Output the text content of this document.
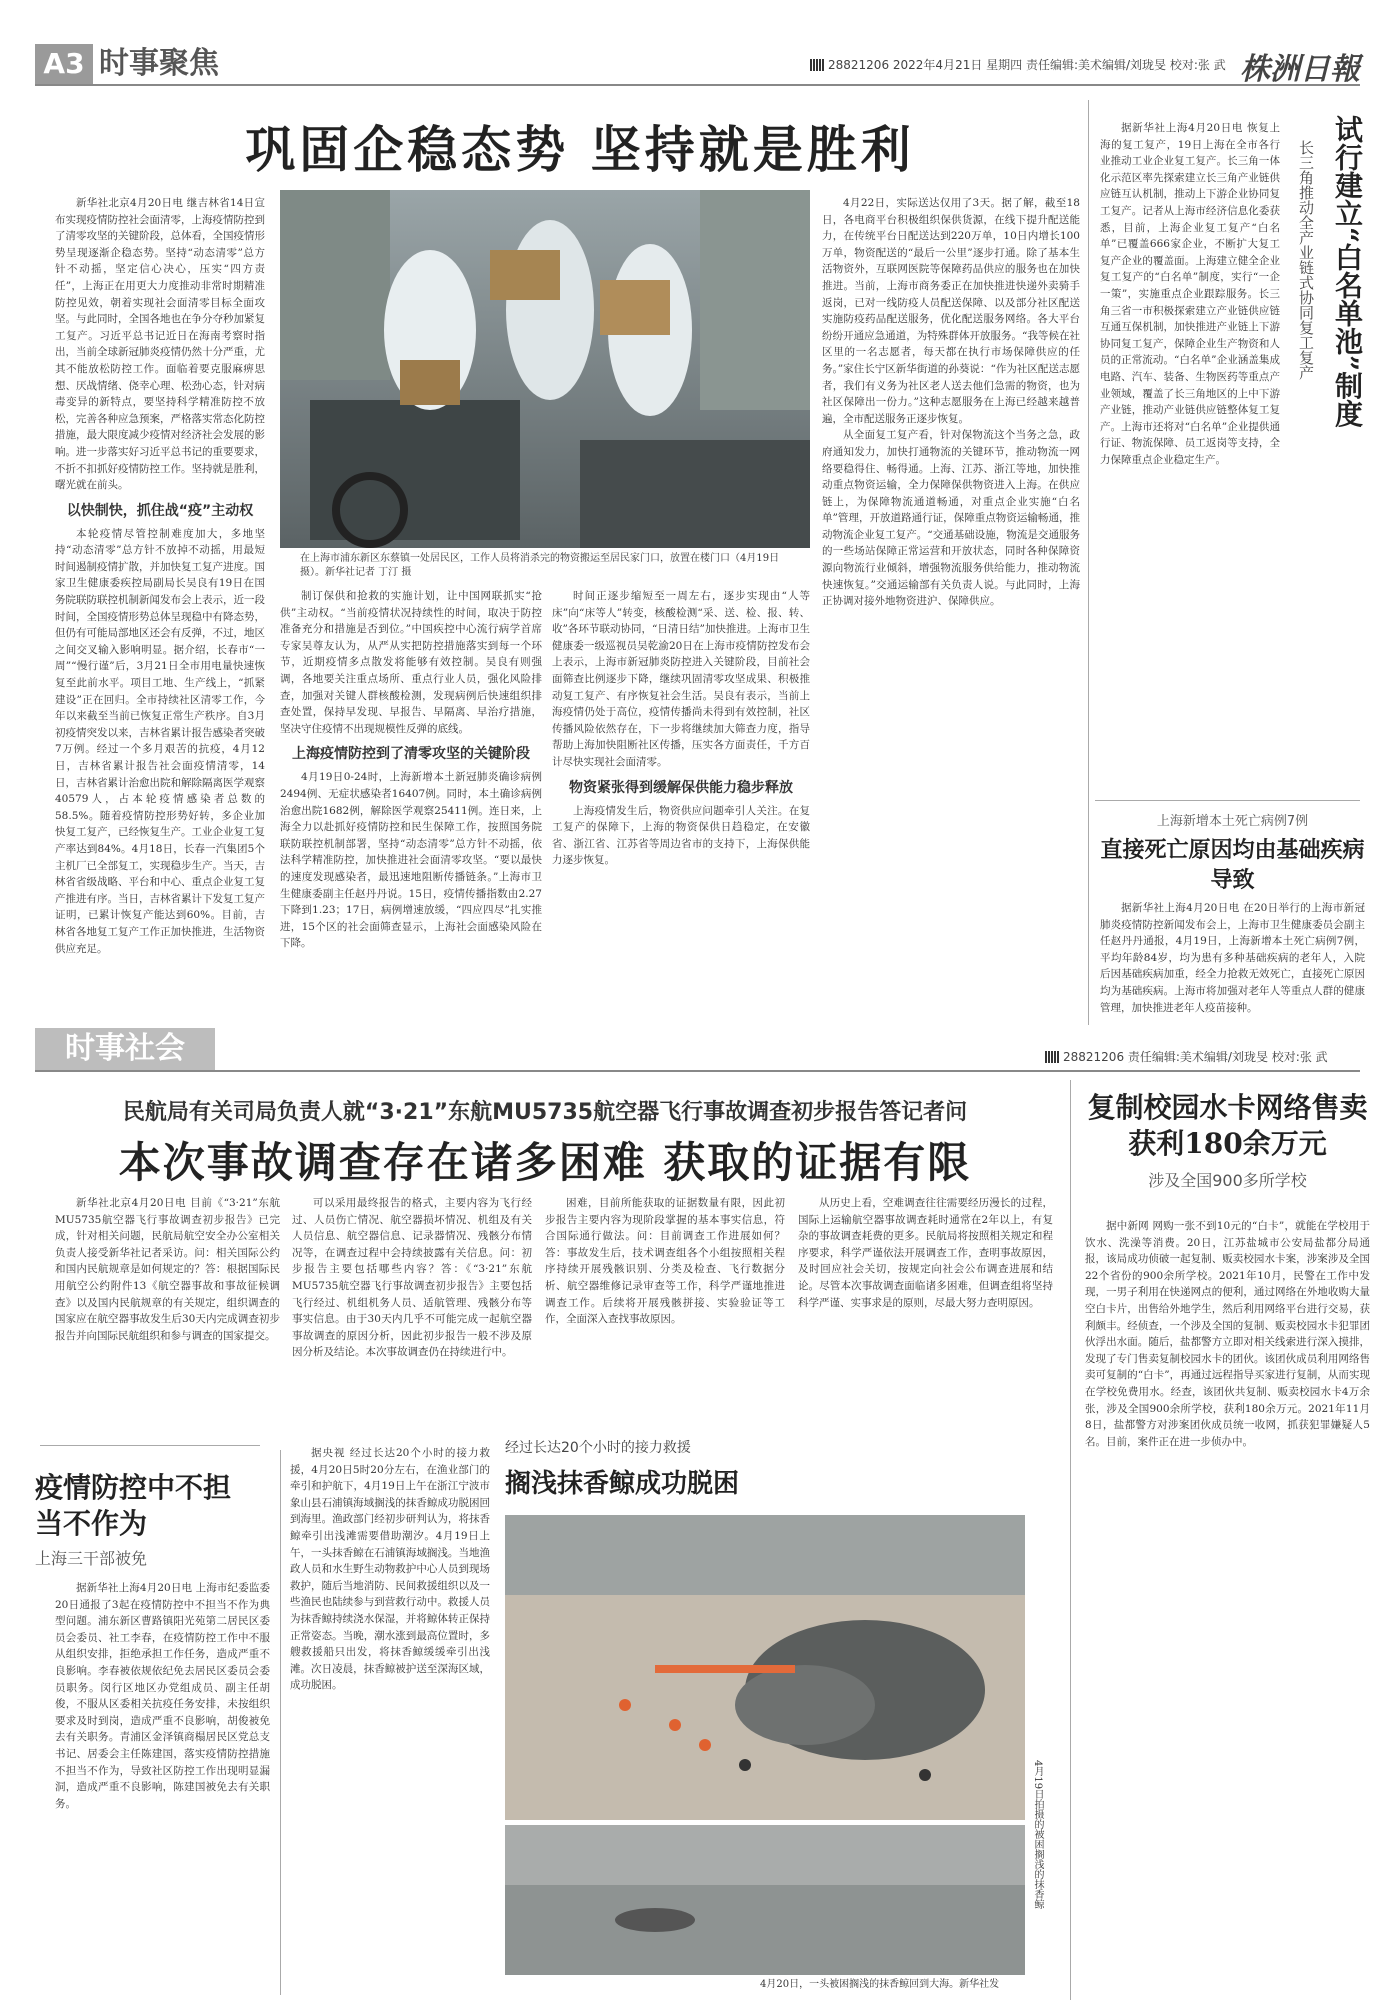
A3 时事聚焦	28821206 2022年4月21日 星期四 责任编辑:美术编辑/刘珑旻 校对:张 武 株洲日報
巩固企稳态势 坚持就是胜利

新华社北京4月20日电 继吉林省14日宣布实现疫情防控社会面清零，上海疫情防控到了清零攻坚的关键阶段，总体看，全国疫情形势呈现逐渐企稳态势。坚持“动态清零”总方针不动摇，坚定信心决心，压实“四方责任”，上海正在用更大力度推动非常时期精准防控见效，朝着实现社会面清零目标全面攻坚。与此同时，全国各地也在争分夺秒加紧复工复产。习近平总书记近日在海南考察时指出，当前全球新冠肺炎疫情仍然十分严重，尤其不能放松防控工作。面临着要克服麻痹思想、厌战情绪、侥幸心理、松劲心态，针对病毒变异的新特点，要坚持科学精准防控不放松，完善各种应急预案，严格落实常态化防控措施，最大限度减少疫情对经济社会发展的影响。进一步落实好习近平总书记的重要要求，不折不扣抓好疫情防控工作。坚持就是胜利，曙光就在前头。

以快制快，抓住战“疫”主动权

本轮疫情尽管控制难度加大，多地坚持“动态清零”总方针不放掉不动摇，用最短时间遏制疫情扩散，并加快复工复产进度。国家卫生健康委疾控局副局长吴良有19日在国务院联防联控机制新闻发布会上表示，近一段时间，全国疫情形势总体呈现稳中有降态势，但仍有可能局部地区还会有反弹，不过，地区之间交叉输入影响明显。据介绍，长春市“一周”“慢行谨”后，3月21日全市用电量快速恢复至此前水平。项目工地、生产线上，“抓紧建设”正在回归。全市持续社区清零工作，今年以来截至当前已恢复正常生产秩序。自3月初疫情突发以来，吉林省累计报告感染者突破7万例。经过一个多月艰苦的抗疫，4月12日，吉林省累计报告社会面疫情清零，14日，吉林省累计治愈出院和解除隔离医学观察40579人，占本轮疫情感染者总数的58.5%。随着疫情防控形势好转，多企业加快复工复产，已经恢复生产。工业企业复工复产率达到84%。4月18日，长春一汽集团5个主机厂已全部复工，实现稳步生产。当天，吉林省省级战略、平台和中心、重点企业复工复产推进有序。当日，吉林省累计下发复工复产证明，已累计恢复产能达到60%。目前，吉林省各地复工复产工作正加快推进，生活物资供应充足。

在上海市浦东新区东蔡镇一处居民区，工作人员将消杀完的物资搬运至居民家门口，放置在楼门口（4月19日摄）。新华社记者 丁汀 摄

制订保供和抢救的实施计划，让中国网联抓实“抢供”主动权。“当前疫情状况持续性的时间，取决于防控准备充分和措施是否到位。”中国疾控中心流行病学首席专家吴尊友认为，从严从实把防控措施落实到每一个环节，近期疫情多点散发将能够有效控制。吴良有则强调，各地要关注重点场所、重点行业人员，强化风险排查，加强对关键人群核酸检测，发现病例后快速组织排查处置，保持早发现、早报告、早隔离、早治疗措施，坚决守住疫情不出现规模性反弹的底线。

上海疫情防控到了清零攻坚的关键阶段

4月19日0-24时，上海新增本土新冠肺炎确诊病例2494例、无症状感染者16407例。同时，本土确诊病例治愈出院1682例，解除医学观察25411例。连日来，上海全力以赴抓好疫情防控和民生保障工作，按照国务院联防联控机制部署，坚持“动态清零”总方针不动摇，依法科学精准防控，加快推进社会面清零攻坚。“要以最快的速度发现感染者，最迅速地阻断传播链条。”上海市卫生健康委副主任赵丹丹说。15日，疫情传播指数由2.27下降到1.23；17日，病例增速放缓，“四应四尽”扎实推进，15个区的社会面筛查显示，上海社会面感染风险在下降。

时间正逐步缩短至一周左右，逐步实现由“人等床”向“床等人”转变，核酸检测“采、送、检、报、转、收”各环节联动协同，“日清日结”加快推进。上海市卫生健康委一级巡视员吴乾渝20日在上海市疫情防控发布会上表示，上海市新冠肺炎防控进入关键阶段，目前社会面筛查比例逐步下降，继续巩固清零攻坚成果、积极推动复工复产、有序恢复社会生活。吴良有表示，当前上海疫情仍处于高位，疫情传播尚未得到有效控制，社区传播风险依然存在，下一步将继续加大筛查力度，指导帮助上海加快阻断社区传播，压实各方面责任，千方百计尽快实现社会面清零。

物资紧张得到缓解保供能力稳步释放

上海疫情发生后，物资供应问题牵引人关注。在复工复产的保障下，上海的物资保供日趋稳定，在安徽省、浙江省、江苏省等周边省市的支持下，上海保供能力逐步恢复。

4月22日，实际送达仅用了3天。据了解，截至18日，各电商平台积极组织保供货源，在线下提升配送能力，在传统平台日配送达到220万单，10日内增长100万单，物资配送的“最后一公里”逐步打通。除了基本生活物资外，互联网医院等保障药品供应的服务也在加快推进。当前，上海市商务委正在加快推进快递外卖骑手返岗，已对一线防疫人员配送保障、以及部分社区配送实施防疫药品配送服务，优化配送服务网络。各大平台纷纷开通应急通道，为特殊群体开放服务。“我等候在社区里的一名志愿者，每天都在执行市场保障供应的任务。”家住长宁区新华街道的孙葵说：“作为社区配送志愿者，我们有义务为社区老人送去他们急需的物资，也为社区保障出一份力。”这种志愿服务在上海已经越来越普遍，全市配送服务正逐步恢复。

从全面复工复产看，针对保物流这个当务之急，政府通知发力，加快打通物流的关键环节，推动物流一网络要稳得住、畅得通。上海、江苏、浙江等地，加快推动重点物资运输，全力保障保供物资进入上海。在供应链上，为保障物流通道畅通，对重点企业实施“白名单”管理，开放道路通行证，保障重点物资运输畅通，推动物流企业复工复产。“交通基础设施，物流是交通服务的一些场站保障正常运营和开放状态，同时各种保障资源向物流行业倾斜，增强物流服务供给能力，推动物流快速恢复。”交通运输部有关负责人说。与此同时，上海正协调对接外地物资进沪、保障供应。

据新华社上海4月20日电 恢复上海的复工复产，19日上海在全市各行业推动工业企业复工复产。长三角一体化示范区率先探索建立长三角产业链供应链互认机制，推动上下游企业协同复工复产。记者从上海市经济信息化委获悉，目前，上海企业复工复产“白名单”已覆盖666家企业，不断扩大复工复产企业的覆盖面。上海建立健全企业复工复产的“白名单”制度，实行“一企一策”，实施重点企业跟踪服务。长三角三省一市积极探索建立产业链供应链互通互保机制，加快推进产业链上下游协同复工复产，保障企业生产物资和人员的正常流动。“白名单”企业涵盖集成电路、汽车、装备、生物医药等重点产业领域，覆盖了长三角地区的上中下游产业链，推动产业链供应链整体复工复产。上海市还将对“白名单”企业提供通行证、物流保障、员工返岗等支持，全力保障重点企业稳定生产。

试行建立“白名单池”制度
长三角推动全产业链式协同复工复产
上海新增本土死亡病例7例
直接死亡原因均由基础疾病导致

据新华社上海4月20日电 在20日举行的上海市新冠肺炎疫情防控新闻发布会上，上海市卫生健康委员会副主任赵丹丹通报，4月19日，上海新增本土死亡病例7例，平均年龄84岁，均为患有多种基础疾病的老年人，入院后因基础疾病加重，经全力抢救无效死亡，直接死亡原因均为基础疾病。上海市将加强对老年人等重点人群的健康管理，加快推进老年人疫苗接种。

时事社会	28821206 责任编辑:美术编辑/刘珑旻 校对:张 武
民航局有关司局负责人就“3·21”东航MU5735航空器飞行事故调查初步报告答记者问
本次事故调查存在诸多困难 获取的证据有限

新华社北京4月20日电 目前《“3·21”东航MU5735航空器飞行事故调查初步报告》已完成，针对相关问题，民航局航空安全办公室相关负责人接受新华社记者采访。问：相关国际公约和国内民航规章是如何规定的？答：根据国际民用航空公约附件13《航空器事故和事故征候调查》以及国内民航规章的有关规定，组织调查的国家应在航空器事故发生后30天内完成调查初步报告并向国际民航组织和参与调查的国家提交。

可以采用最终报告的格式，主要内容为飞行经过、人员伤亡情况、航空器损坏情况、机组及有关人员信息、航空器信息、记录器情况、残骸分布情况等，在调查过程中会持续披露有关信息。问：初步报告主要包括哪些内容？答：《“3·21”东航MU5735航空器飞行事故调查初步报告》主要包括飞行经过、机组机务人员、适航管理、残骸分布等事实信息。由于30天内几乎不可能完成一起航空器事故调查的原因分析，因此初步报告一般不涉及原因分析及结论。本次事故调查仍在持续进行中。

困难，目前所能获取的证据数量有限，因此初步报告主要内容为现阶段掌握的基本事实信息，符合国际通行做法。问：目前调查工作进展如何？答：事故发生后，技术调查组各个小组按照相关程序持续开展残骸识别、分类及检查、飞行数据分析、航空器维修记录审查等工作，科学严谨地推进调查工作。后续将开展残骸拼接、实验验证等工作，全面深入查找事故原因。

从历史上看，空难调查往往需要经历漫长的过程，国际上运输航空器事故调查耗时通常在2年以上，有复杂的事故调查耗费的更多。民航局将按照相关规定和程序要求，科学严谨依法开展调查工作，查明事故原因，及时回应社会关切，按规定向社会公布调查进展和结论。尽管本次事故调查面临诸多困难，但调查组将坚持科学严谨、实事求是的原则，尽最大努力查明原因。

复制校园水卡网络售卖获利180余万元
涉及全国900多所学校

据中新网 网购一张不到10元的“白卡”，就能在学校用于饮水、洗澡等消费。20日，江苏盐城市公安局盐都分局通报，该局成功侦破一起复制、贩卖校园水卡案，涉案涉及全国22个省份的900余所学校。2021年10月，民警在工作中发现，一男子利用在快递网点的便利，通过网络在外地收购大量空白卡片，出售给外地学生，然后利用网络平台进行交易，获利颇丰。经侦查，一个涉及全国的复制、贩卖校园水卡犯罪团伙浮出水面。随后，盐都警方立即对相关线索进行深入摸排，发现了专门售卖复制校园水卡的团伙。该团伙成员利用网络售卖可复制的“白卡”，再通过远程指导买家进行复制，从而实现在学校免费用水。经查，该团伙共复制、贩卖校园水卡4万余张，涉及全国900余所学校，获利180余万元。2021年11月8日，盐都警方对涉案团伙成员统一收网，抓获犯罪嫌疑人5名。目前，案件正在进一步侦办中。

疫情防控中不担当不作为
上海三干部被免

据新华社上海4月20日电 上海市纪委监委20日通报了3起在疫情防控中不担当不作为典型问题。浦东新区曹路镇阳光苑第二居民区委员会委员、社工李春，在疫情防控工作中不服从组织安排，拒绝承担工作任务，造成严重不良影响。李春被依规依纪免去居民区委员会委员职务。闵行区地区办党组成员、副主任胡俊，不服从区委相关抗疫任务安排，未按组织要求及时到岗，造成严重不良影响，胡俊被免去有关职务。青浦区金泽镇商榻居民区党总支书记、居委会主任陈建国，落实疫情防控措施不担当不作为，导致社区防控工作出现明显漏洞，造成严重不良影响，陈建国被免去有关职务。

经过长达20个小时的接力救援
搁浅抹香鲸成功脱困

据央视 经过长达20个小时的接力救援，4月20日5时20分左右，在渔业部门的牵引和护航下，4月19日上午在浙江宁波市象山县石浦镇海域搁浅的抹香鲸成功脱困回到海里。渔政部门经初步研判认为，将抹香鲸牵引出浅滩需要借助潮汐。4月19日上午，一头抹香鲸在石浦镇海域搁浅。当地渔政人员和水生野生动物救护中心人员到现场救护，随后当地消防、民间救援组织以及一些渔民也陆续参与到营救行动中。救援人员为抹香鲸持续浇水保湿，并将鲸体转正保持正常姿态。当晚，潮水涨到最高位置时，多艘救援船只出发，将抹香鲸缓缓牵引出浅滩。次日凌晨，抹香鲸被护送至深海区域，成功脱困。

4月20日，一头被困搁浅的抹香鲸回到大海。新华社发
4月19日拍摄的被困搁浅的抹香鲸
